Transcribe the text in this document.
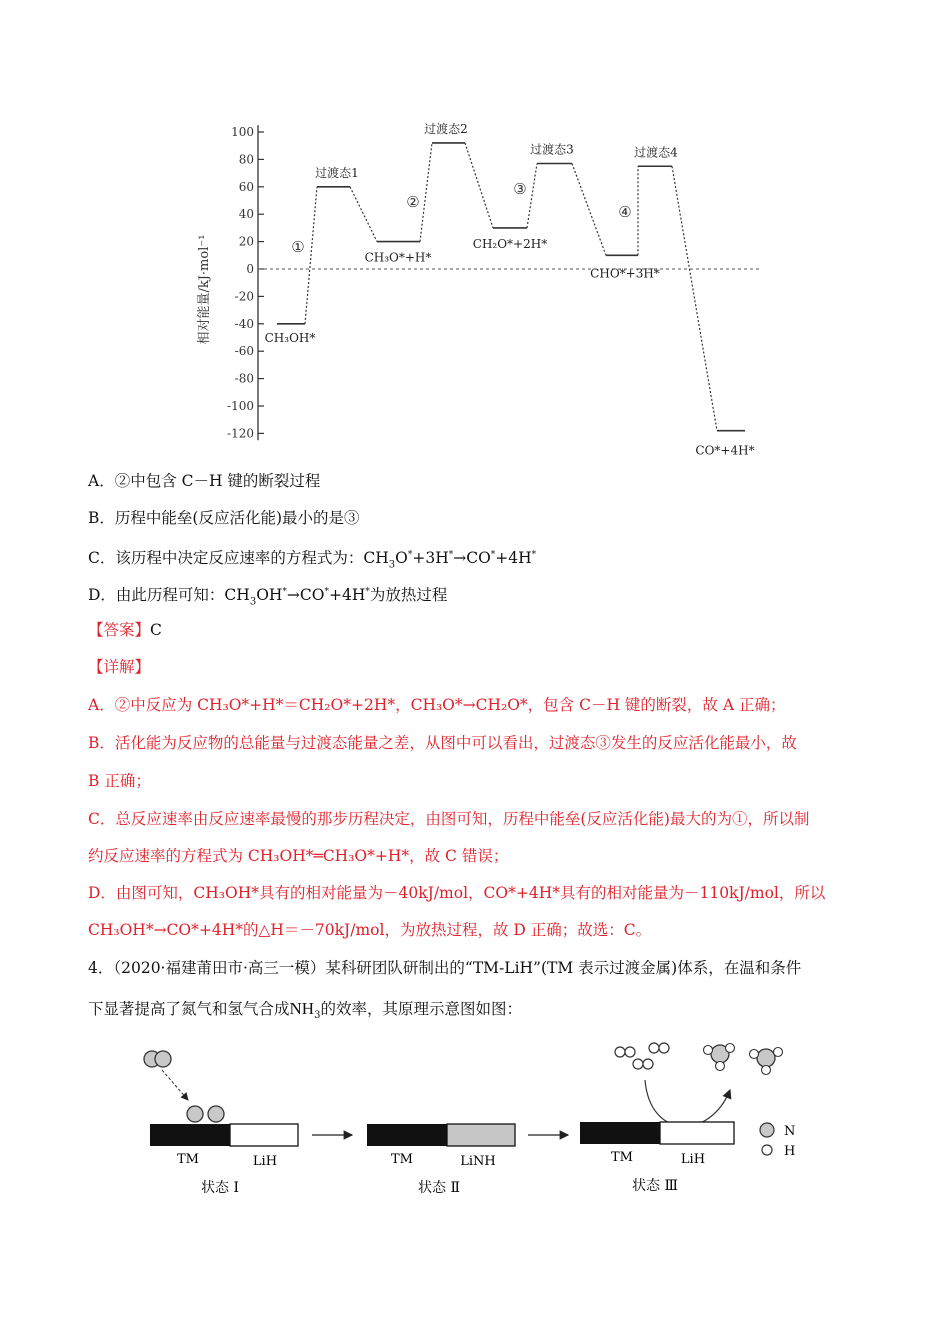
100
80
60
40
20
0
-20
-40
-60
-80
-100
-120
相对能量/kJ·mol⁻¹	CH₃OH*
过渡态1
CH₃O*+H*
过渡态2
CH₂O*+2H*
过渡态3
CHO*+3H*
过渡态4
CO*+4H*
①
②
③
④
A．②中包含 C－H 键的断裂过程
B．历程中能垒(反应活化能)最小的是③
C．该历程中决定反应速率的方程式为：$CH_3O^*+3H^*\to CO^*+4H^*$
D．由此历程可知：$CH_3OH^*\to CO^*+4H^*$为放热过程
【答案】C
【详解】
A．②中反应为 CH₃O*+H*＝CH₂O*+2H*，CH₃O*→CH₂O*，包含 C－H 键的断裂，故 A 正确；
B．活化能为反应物的总能量与过渡态能量之差，从图中可以看出，过渡态③发生的反应活化能最小，故
B 正确；
C．总反应速率由反应速率最慢的那步历程决定，由图可知，历程中能垒(反应活化能)最大的为①，所以制
约反应速率的方程式为 CH₃OH*═CH₃O*+H*，故 C 错误；
D．由图可知，CH₃OH*具有的相对能量为－40kJ/mol，CO*+4H*具有的相对能量为－110kJ/mol，所以
CH₃OH*→CO*+4H*的△H＝－70kJ/mol，为放热过程，故 D 正确；故选：C。
4．（2020·福建莆田市·高三一模）某科研团队研制出的“TM-LiH”(TM 表示过渡金属)体系，在温和条件
下显著提高了氮气和氢气合成$NH_3$的效率，其原理示意图如图：
TM	LiH
状态 Ⅰ
TM	LiNH
状态 Ⅱ
TM	LiH
状态 Ⅲ
N
H
